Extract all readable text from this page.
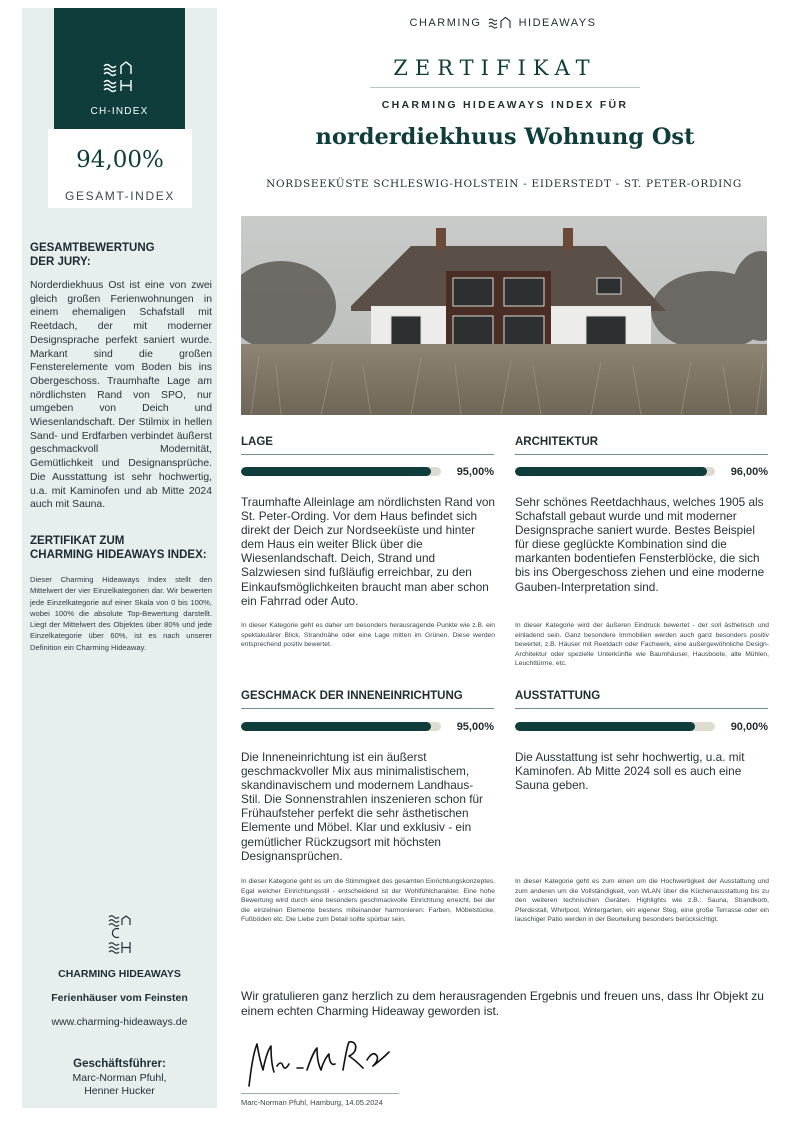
CH-INDEX
94,00%
GESAMT-INDEX
GESAMTBEWERTUNG
DER JURY:
Norderdiekhuus Ost ist eine von zwei gleich großen Ferienwohnungen in einem ehemaligen Schafstall mit Reetdach, der mit moderner Designsprache perfekt saniert wurde. Markant sind die großen Fensterelemente vom Boden bis ins Obergeschoss. Traumhafte Lage am nördlichsten Rand von SPO, nur umgeben von Deich und Wiesenlandschaft. Der Stilmix in hellen Sand- und Erdfarben verbindet äußerst geschmackvoll Modernität, Gemütlichkeit und Designansprüche. Die Ausstattung ist sehr hochwertig, u.a. mit Kaminofen und ab Mitte 2024 auch mit Sauna.
ZERTIFIKAT ZUM
CHARMING HIDEAWAYS INDEX:
Dieser Charming Hideaways Index stellt den Mittelwert der vier Einzelkategorien dar. Wir bewerten jede Einzelkategorie auf einer Skala von 0 bis 100%, wobei 100% die absolute Top-Bewertung darstellt. Liegt der Mittelwert des Objektes über 80% und jede Einzelkategorie über 60%, ist es nach unserer Definition ein Charming Hideaway.
CHARMING HIDEAWAYS
Ferienhäuser vom Feinsten
www.charming-hideaways.de
Geschäftsführer:
Marc-Norman Pfuhl,
Henner Hucker
CHARMING	HIDEAWAYS
ZERTIFIKAT
CHARMING HIDEAWAYS INDEX FÜR
norderdiekhuus Wohnung Ost
NORDSEEKÜSTE SCHLESWIG-HOLSTEIN - EIDERSTEDT - ST. PETER-ORDING
LAGE
95,00%
Traumhafte Alleinlage am nördlichsten Rand von St. Peter-Ording. Vor dem Haus befindet sich direkt der Deich zur Nordseeküste und hinter dem Haus ein weiter Blick über die Wiesenlandschaft. Deich, Strand und Salzwiesen sind fußläufig erreichbar, zu den Einkaufsmöglichkeiten braucht man aber schon ein Fahrrad oder Auto.
In dieser Kategorie geht es daher um besonders herausragende Punkte wie z.B. ein spektakulärer Blick, Strandnähe oder eine Lage mitten im Grünen. Diese werden entsprechend positiv bewertet.
ARCHITEKTUR
96,00%
Sehr schönes Reetdachhaus, welches 1905 als Schafstall gebaut wurde und mit moderner Designsprache saniert wurde. Bestes Beispiel für diese geglückte Kombination sind die markanten bodentiefen Fensterblöcke, die sich bis ins Obergeschoss ziehen und eine moderne Gauben-Interpretation sind.
In dieser Kategorie wird der äußeren Eindruck bewertet - der soll ästhetisch und einladend sein. Ganz besondere Immobilien werden auch ganz besonders positiv bewertet, z.B. Häuser mit Reetdach oder Fachwerk, eine außergewöhnliche Design-Architektur oder spezielle Unterkünfte wie Baumhäuser, Hausboote, alte Mühlen, Leuchttürme, etc.
GESCHMACK DER INNENEINRICHTUNG
95,00%
Die Inneneinrichtung ist ein äußerst geschmackvoller Mix aus minimalistischem, skandinavischem und modernem Landhaus-Stil. Die Sonnenstrahlen inszenieren schon für Frühaufsteher perfekt die sehr ästhetischen Elemente und Möbel. Klar und exklusiv - ein gemütlicher Rückzugsort mit höchsten Designansprüchen.
In dieser Kategorie geht es um die Stimmigkeit des gesamten Einrichtungskonzeptes. Egal welcher Einrichtungsstil - entscheidend ist der Wohlfühlcharakter. Eine hohe Bewertung wird durch eine besonders geschmackvolle Einrichtung erreicht, bei der die einzelnen Elemente bestens miteinander harmonieren: Farben, Möbelstücke, Fußböden etc. Die Liebe zum Detail sollte spürbar sein.
AUSSTATTUNG
90,00%
Die Ausstattung ist sehr hochwertig, u.a. mit Kaminofen. Ab Mitte 2024 soll es auch eine Sauna geben.
In dieser Kategorie geht es zum einen um die Hochwertigkeit der Ausstattung und zum anderen um die Vollständigkeit, von WLAN über die Küchenausstattung bis zu den weiteren technischen Geräten. Highlights wie z.B.: Sauna, Strandkorb, Pferdestall, Whirlpool, Wintergarten, ein eigener Steg, eine große Terrasse oder ein lauschiger Patio werden in der Beurteilung besonders berücksichtigt.
Wir gratulieren ganz herzlich zu dem herausragenden Ergebnis und freuen uns, dass Ihr Objekt zu einem echten Charming Hideaway geworden ist.
Marc-Norman Pfuhl, Hamburg, 14.05.2024
